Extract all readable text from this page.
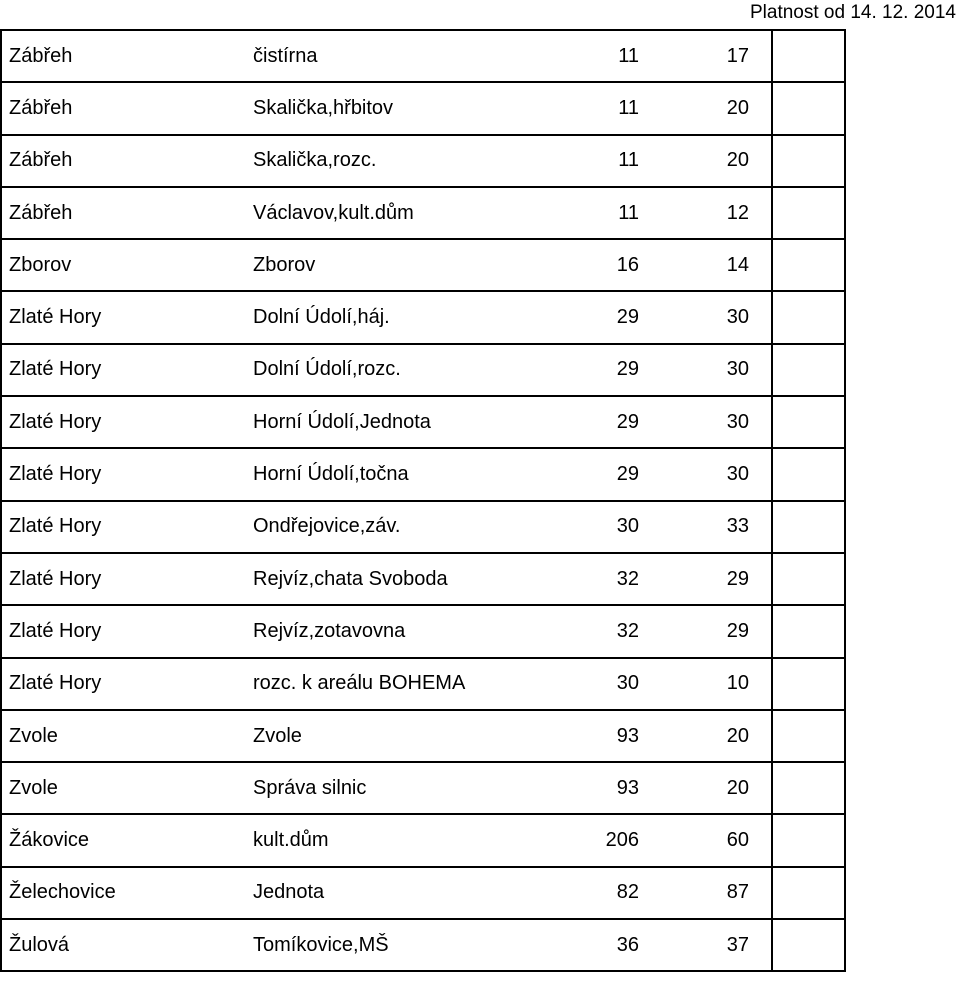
Platnost od 14. 12. 2014
Zábřeh	čistírna	11	17	
Zábřeh	Skalička,hřbitov	11	20	
Zábřeh	Skalička,rozc.	11	20	
Zábřeh	Václavov,kult.dům	11	12	
Zborov	Zborov	16	14	
Zlaté Hory	Dolní Údolí,háj.	29	30	
Zlaté Hory	Dolní Údolí,rozc.	29	30	
Zlaté Hory	Horní Údolí,Jednota	29	30	
Zlaté Hory	Horní Údolí,točna	29	30	
Zlaté Hory	Ondřejovice,záv.	30	33	
Zlaté Hory	Rejvíz,chata Svoboda	32	29	
Zlaté Hory	Rejvíz,zotavovna	32	29	
Zlaté Hory	rozc. k areálu BOHEMA	30	10	
Zvole	Zvole	93	20	
Zvole	Správa silnic	93	20	
Žákovice	kult.dům	206	60	
Želechovice	Jednota	82	87	
Žulová	Tomíkovice,MŠ	36	37	
